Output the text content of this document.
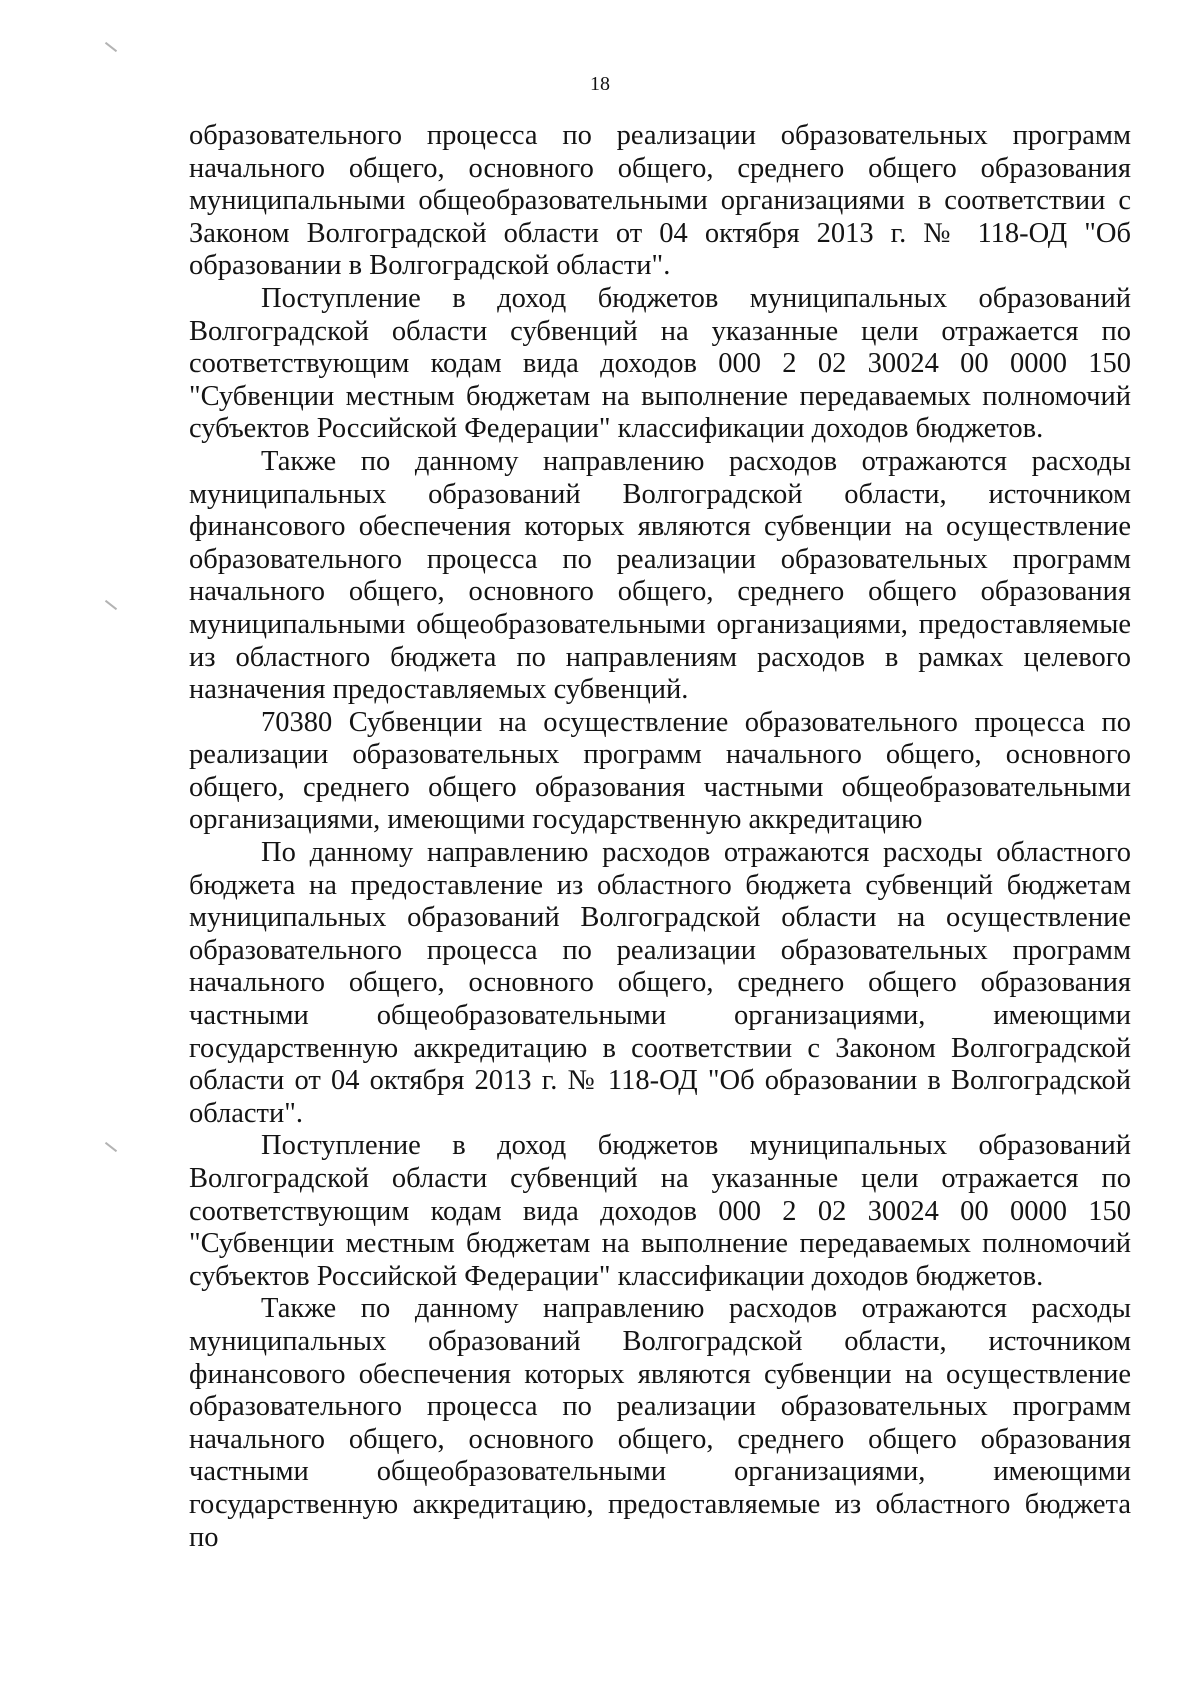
18

образовательного процесса по реализации образовательных программ начального общего, основного общего, среднего общего образования муниципальными общеобразовательными организациями в соответствии с Законом Волгоградской области от 04 октября 2013 г. № 118-ОД "Об образовании в Волгоградской области".

Поступление в доход бюджетов муниципальных образований Волгоградской области субвенций на указанные цели отражается по соответствующим кодам вида доходов 000 2 02 30024 00 0000 150 "Субвенции местным бюджетам на выполнение передаваемых полномочий субъектов Российской Федерации" классификации доходов бюджетов.

Также по данному направлению расходов отражаются расходы муниципальных образований Волгоградской области, источником финансового обеспечения которых являются субвенции на осуществление образовательного процесса по реализации образовательных программ начального общего, основного общего, среднего общего образования муниципальными общеобразовательными организациями, предоставляемые из областного бюджета по направлениям расходов в рамках целевого назначения предоставляемых субвенций.

70380 Субвенции на осуществление образовательного процесса по реализации образовательных программ начального общего, основного общего, среднего общего образования частными общеобразовательными организациями, имеющими государственную аккредитацию

По данному направлению расходов отражаются расходы областного бюджета на предоставление из областного бюджета субвенций бюджетам муниципальных образований Волгоградской области на осуществление образовательного процесса по реализации образовательных программ начального общего, основного общего, среднего общего образования частными общеобразовательными организациями, имеющими государственную аккредитацию в соответствии с Законом Волгоградской области от 04 октября 2013 г. № 118-ОД "Об образовании в Волгоградской области".

Поступление в доход бюджетов муниципальных образований Волгоградской области субвенций на указанные цели отражается по соответствующим кодам вида доходов 000 2 02 30024 00 0000 150 "Субвенции местным бюджетам на выполнение передаваемых полномочий субъектов Российской Федерации" классификации доходов бюджетов.

Также по данному направлению расходов отражаются расходы муниципальных образований Волгоградской области, источником финансового обеспечения которых являются субвенции на осуществление образовательного процесса по реализации образовательных программ начального общего, основного общего, среднего общего образования частными общеобразовательными организациями, имеющими государственную аккредитацию, предоставляемые из областного бюджета по
